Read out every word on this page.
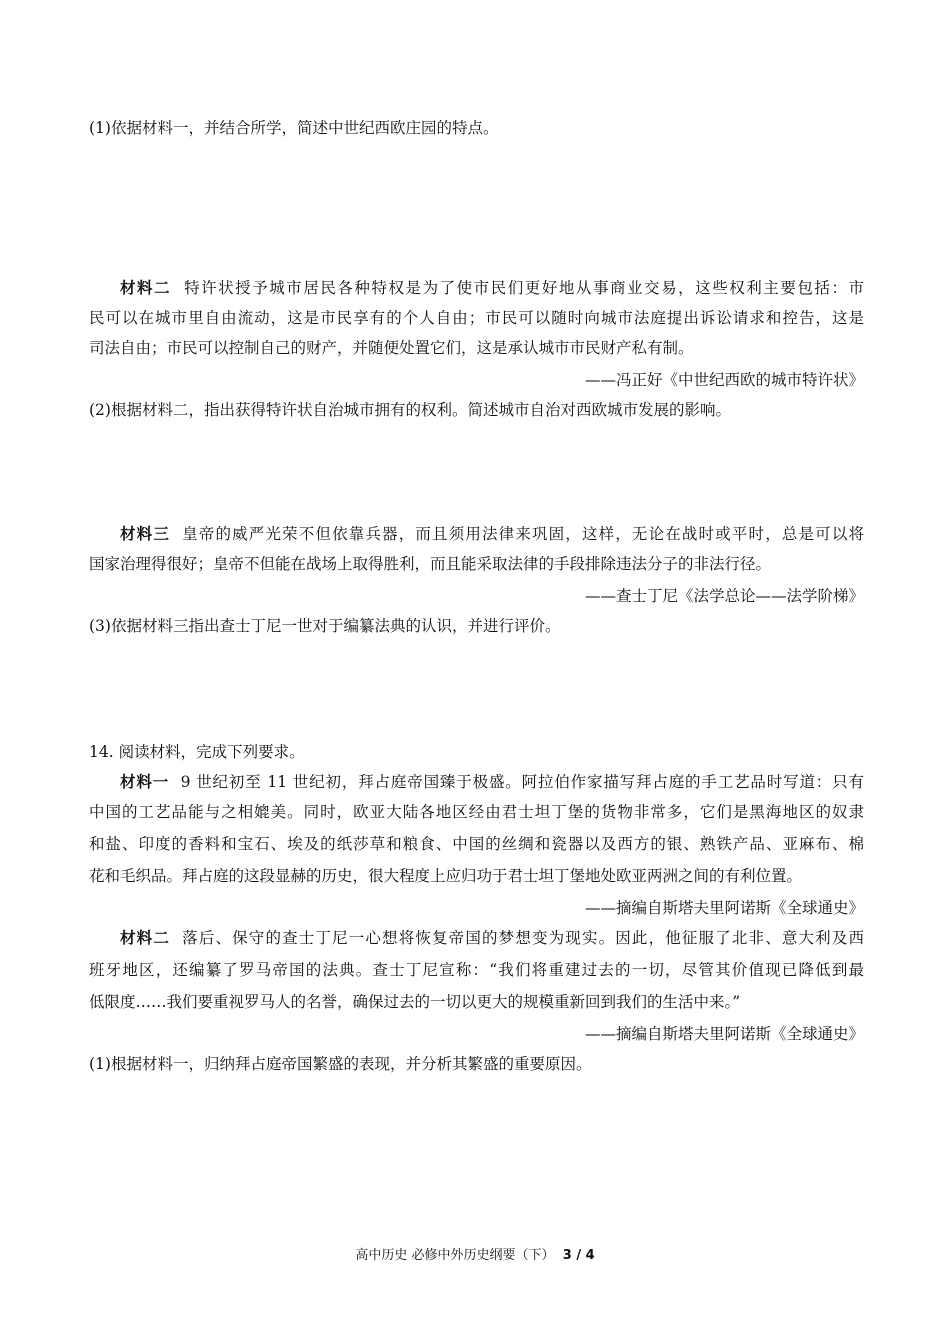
(1)依据材料一，并结合所学，简述中世纪西欧庄园的特点。
材料二 特许状授予城市居民各种特权是为了使市民们更好地从事商业交易，这些权利主要包括：市
民可以在城市里自由流动，这是市民享有的个人自由；市民可以随时向城市法庭提出诉讼请求和控告，这是
司法自由；市民可以控制自己的财产，并随便处置它们，这是承认城市市民财产私有制。
——冯正好《中世纪西欧的城市特许状》
(2)根据材料二，指出获得特许状自治城市拥有的权利。简述城市自治对西欧城市发展的影响。
材料三 皇帝的威严光荣不但依靠兵器，而且须用法律来巩固，这样，无论在战时或平时，总是可以将
国家治理得很好；皇帝不但能在战场上取得胜利，而且能采取法律的手段排除违法分子的非法行径。
——查士丁尼《法学总论——法学阶梯》
(3)依据材料三指出查士丁尼一世对于编纂法典的认识，并进行评价。
14. 阅读材料，完成下列要求。
材料一 9 世纪初至 11 世纪初，拜占庭帝国臻于极盛。阿拉伯作家描写拜占庭的手工艺品时写道：只有
中国的工艺品能与之相媲美。同时，欧亚大陆各地区经由君士坦丁堡的货物非常多，它们是黑海地区的奴隶
和盐、印度的香料和宝石、埃及的纸莎草和粮食、中国的丝绸和瓷器以及西方的银、熟铁产品、亚麻布、棉
花和毛织品。拜占庭的这段显赫的历史，很大程度上应归功于君士坦丁堡地处欧亚两洲之间的有利位置。
——摘编自斯塔夫里阿诺斯《全球通史》
材料二 落后、保守的查士丁尼一心想将恢复帝国的梦想变为现实。因此，他征服了北非、意大利及西
班牙地区，还编纂了罗马帝国的法典。查士丁尼宣称：“我们将重建过去的一切，尽管其价值现已降低到最
低限度……我们要重视罗马人的名誉，确保过去的一切以更大的规模重新回到我们的生活中来。”
——摘编自斯塔夫里阿诺斯《全球通史》
(1)根据材料一，归纳拜占庭帝国繁盛的表现，并分析其繁盛的重要原因。
高中历史 必修中外历史纲要（下） 3 / 4
